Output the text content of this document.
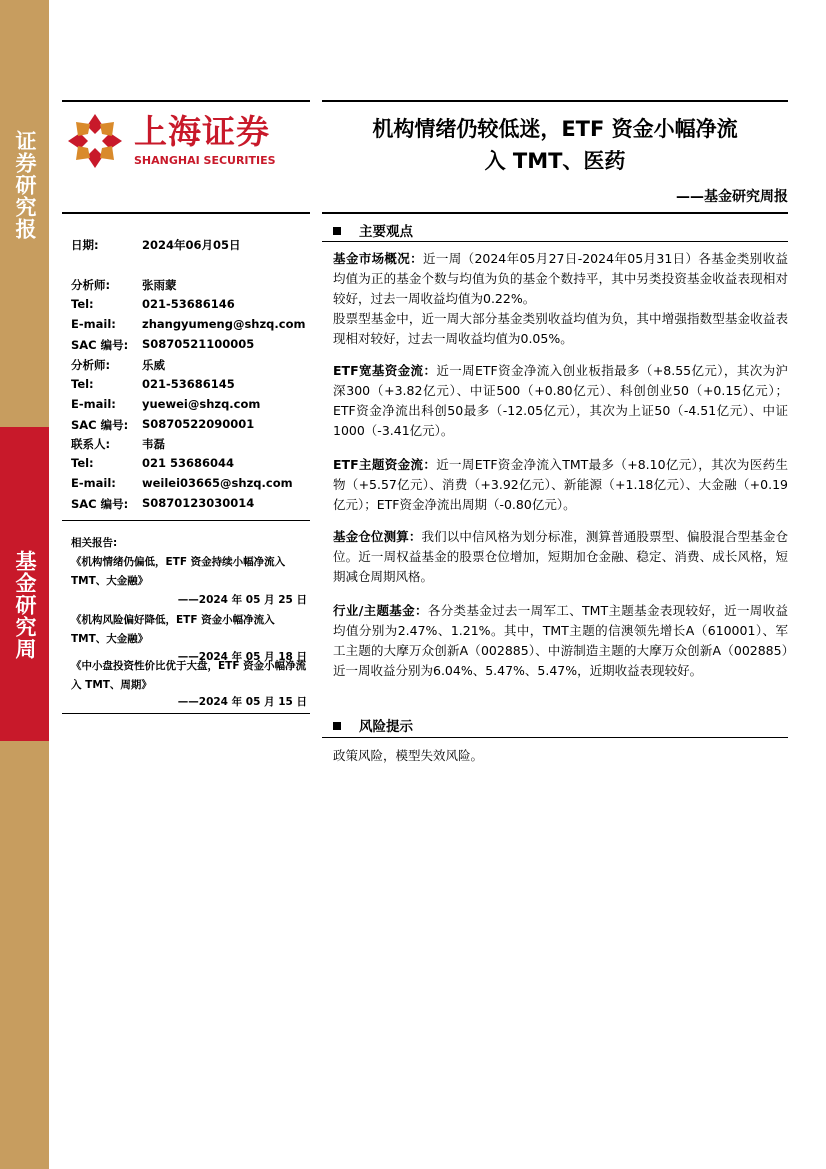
证券研究报
基金研究周
上海证券
SHANGHAI SECURITIES
机构情绪仍较低迷，ETF 资金小幅净流
入 TMT、医药
——基金研究周报
日期:	2024年06月05日
分析师:	张雨蒙
Tel:	021-53686146
E-mail: zhangyumeng@shzq.com
SAC 编号: S0870521100005
分析师:	乐威
Tel:	021-53686145
E-mail: yuewei@shzq.com
SAC 编号: S0870522090001
联系人:	韦磊
Tel:	021 53686044
E-mail: weilei03665@shzq.com
SAC 编号: S0870123030014
相关报告:
《机构情绪仍偏低，ETF 资金持续小幅净流入 TMT、大金融》
——2024 年 05 月 25 日
《机构风险偏好降低，ETF 资金小幅净流入 TMT、大金融》
——2024 年 05 月 18 日
《中小盘投资性价比优于大盘，ETF 资金小幅净流入 TMT、周期》
——2024 年 05 月 15 日
主要观点
基金市场概况：近一周（2024年05月27日-2024年05月31日）各基金类别收益均值为正的基金个数与均值为负的基金个数持平，其中另类投资基金收益表现相对较好，过去一周收益均值为0.22%。
股票型基金中，近一周大部分基金类别收益均值为负，其中增强指数型基金收益表现相对较好，过去一周收益均值为0.05%。
ETF宽基资金流：近一周ETF资金净流入创业板指最多（+8.55亿元），其次为沪深300（+3.82亿元）、中证500（+0.80亿元）、科创创业50（+0.15亿元）；ETF资金净流出科创50最多（-12.05亿元），其次为上证50（-4.51亿元）、中证1000（-3.41亿元）。
ETF主题资金流：近一周ETF资金净流入TMT最多（+8.10亿元），其次为医药生物（+5.57亿元）、消费（+3.92亿元）、新能源（+1.18亿元）、大金融（+0.19亿元）；ETF资金净流出周期（-0.80亿元）。
基金仓位测算：我们以中信风格为划分标准，测算普通股票型、偏股混合型基金仓位。近一周权益基金的股票仓位增加，短期加仓金融、稳定、消费、成长风格，短期减仓周期风格。
行业/主题基金：各分类基金过去一周军工、TMT主题基金表现较好，近一周收益均值分别为2.47%、1.21%。其中，TMT主题的信澳领先增长A（610001）、军工主题的大摩万众创新A（002885）、中游制造主题的大摩万众创新A（002885）近一周收益分别为6.04%、5.47%、5.47%，近期收益表现较好。
风险提示
政策风险，模型失效风险。
